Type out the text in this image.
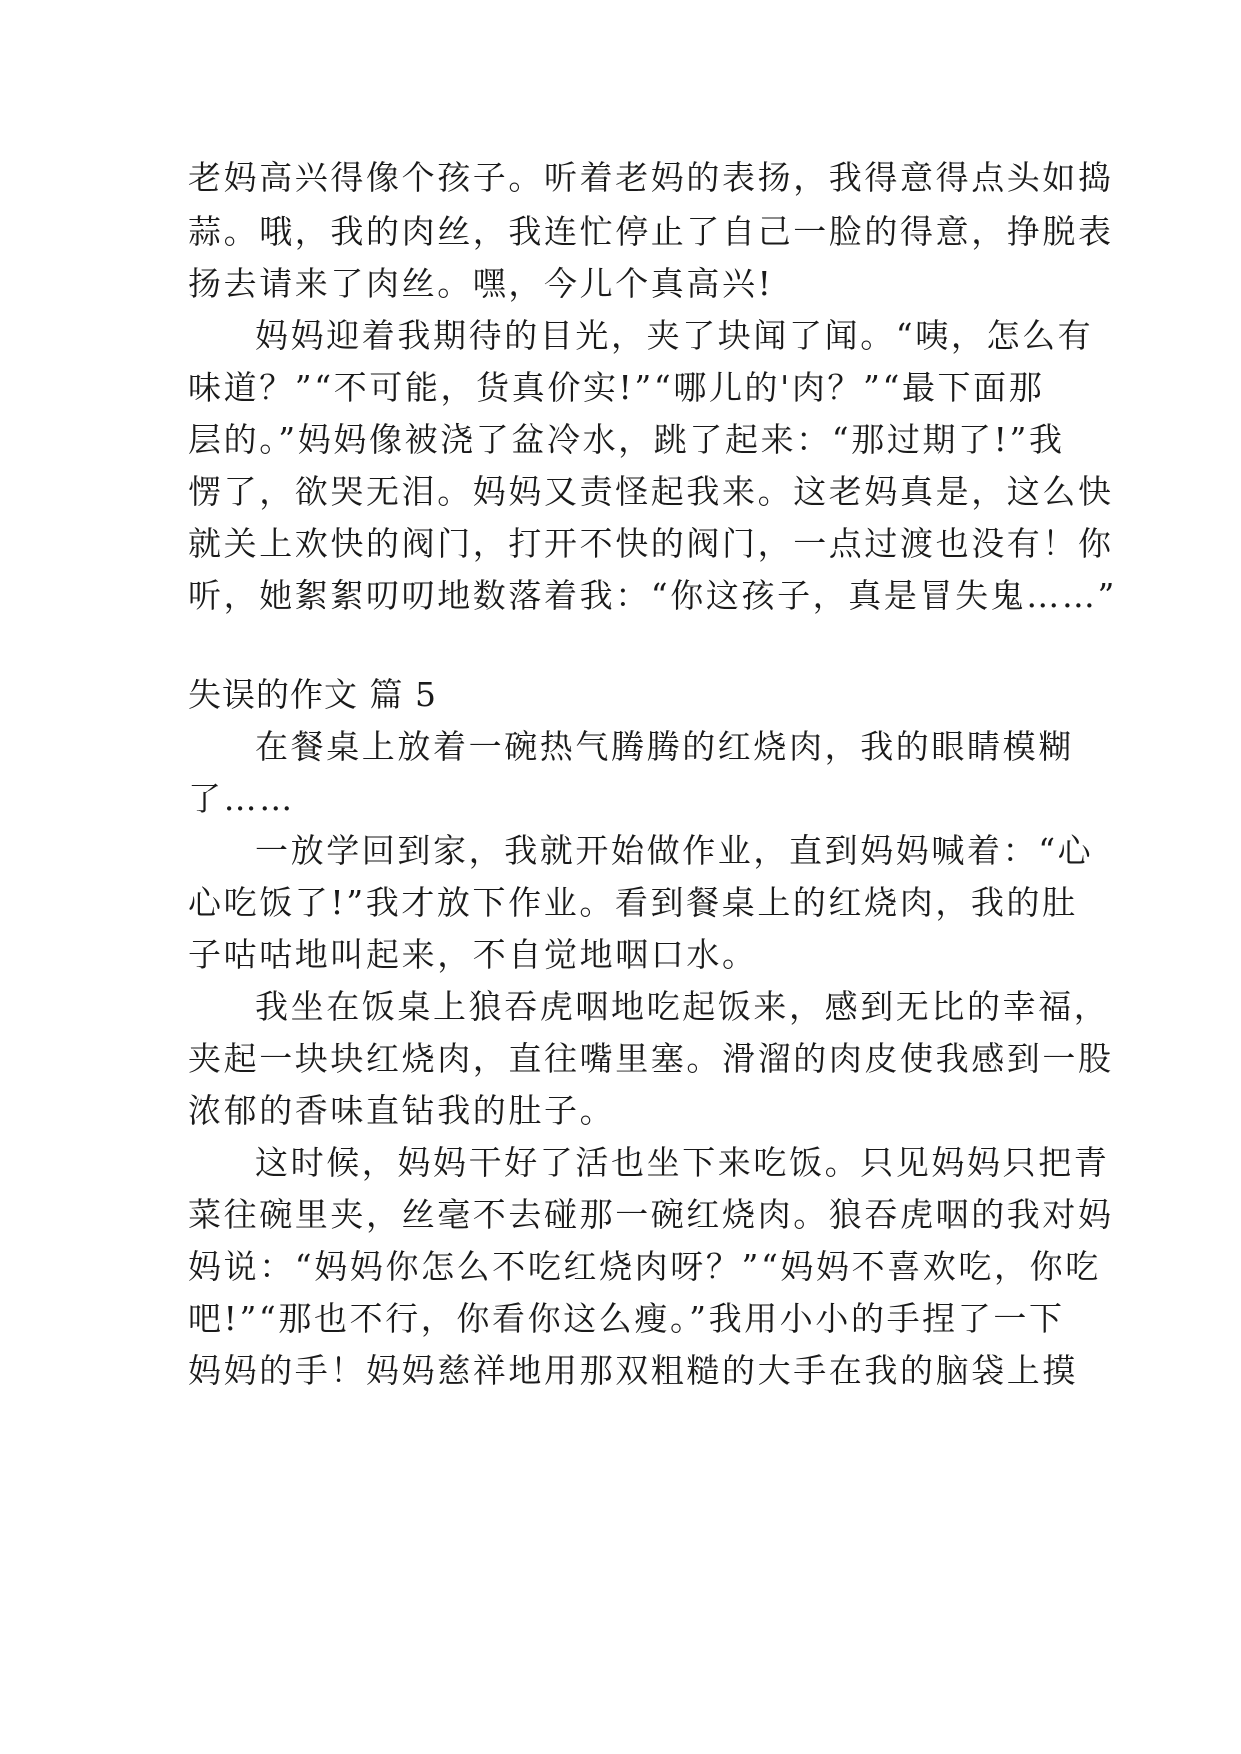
老妈高兴得像个孩子。听着老妈的表扬，我得意得点头如捣
蒜。哦，我的肉丝，我连忙停止了自己一脸的得意，挣脱表
扬去请来了肉丝。嘿，今儿个真高兴!
妈妈迎着我期待的目光，夹了块闻了闻。“咦，怎么有
味道？”“不可能，货真价实!”“哪儿的'肉？”“最下面那
层的。”妈妈像被浇了盆冷水，跳了起来：“那过期了!”我
愣了，欲哭无泪。妈妈又责怪起我来。这老妈真是，这么快
就关上欢快的阀门，打开不快的阀门，一点过渡也没有！你
听，她絮絮叨叨地数落着我：“你这孩子，真是冒失鬼……”
失误的作文 篇 5
在餐桌上放着一碗热气腾腾的红烧肉，我的眼睛模糊
了……
一放学回到家，我就开始做作业，直到妈妈喊着：“心
心吃饭了!”我才放下作业。看到餐桌上的红烧肉，我的肚
子咕咕地叫起来，不自觉地咽口水。
我坐在饭桌上狼吞虎咽地吃起饭来，感到无比的幸福，
夹起一块块红烧肉，直往嘴里塞。滑溜的肉皮使我感到一股
浓郁的香味直钻我的肚子。
这时候，妈妈干好了活也坐下来吃饭。只见妈妈只把青
菜往碗里夹，丝毫不去碰那一碗红烧肉。狼吞虎咽的我对妈
妈说：“妈妈你怎么不吃红烧肉呀？”“妈妈不喜欢吃，你吃
吧!”“那也不行，你看你这么瘦。”我用小小的手捏了一下
妈妈的手！妈妈慈祥地用那双粗糙的大手在我的脑袋上摸
